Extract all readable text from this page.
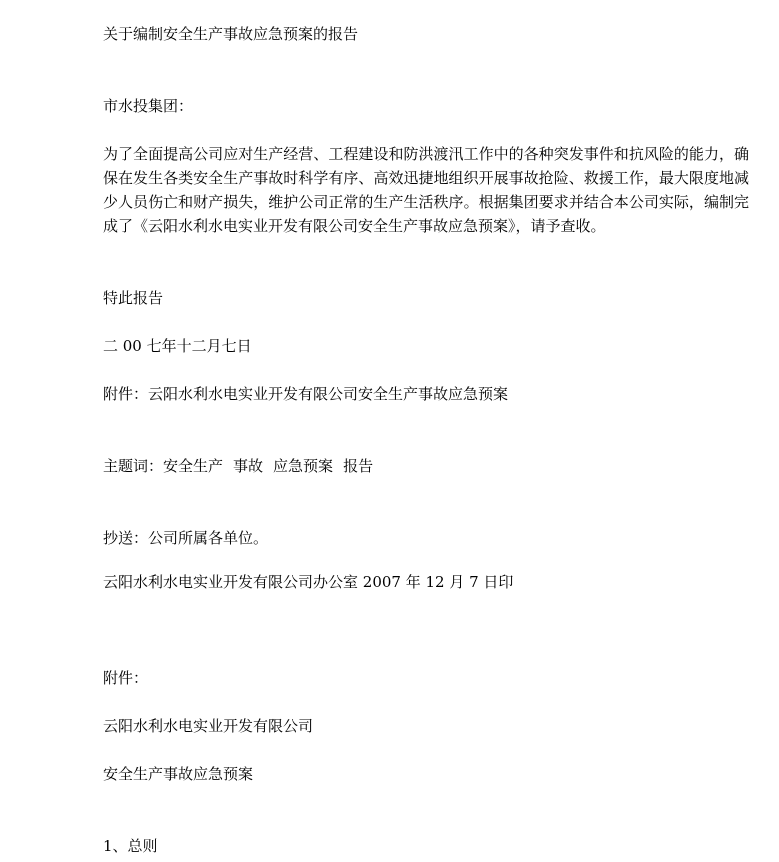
关于编制安全生产事故应急预案的报告
市水投集团：
为了全面提高公司应对生产经营、工程建设和防洪渡汛工作中的各种突发事件和抗风险的能力，确保在发生各类安全生产事故时科学有序、高效迅捷地组织开展事故抢险、救援工作，最大限度地减少人员伤亡和财产损失，维护公司正常的生产生活秩序。根据集团要求并结合本公司实际，编制完成了《云阳水利水电实业开发有限公司安全生产事故应急预案》，请予查收。
特此报告
二 00 七年十二月七日
附件：云阳水利水电实业开发有限公司安全生产事故应急预案
主题词：安全生产 事故 应急预案 报告
抄送：公司所属各单位。
云阳水利水电实业开发有限公司办公室 2007 年 12 月 7 日印
附件：
云阳水利水电实业开发有限公司
安全生产事故应急预案
1、总则
